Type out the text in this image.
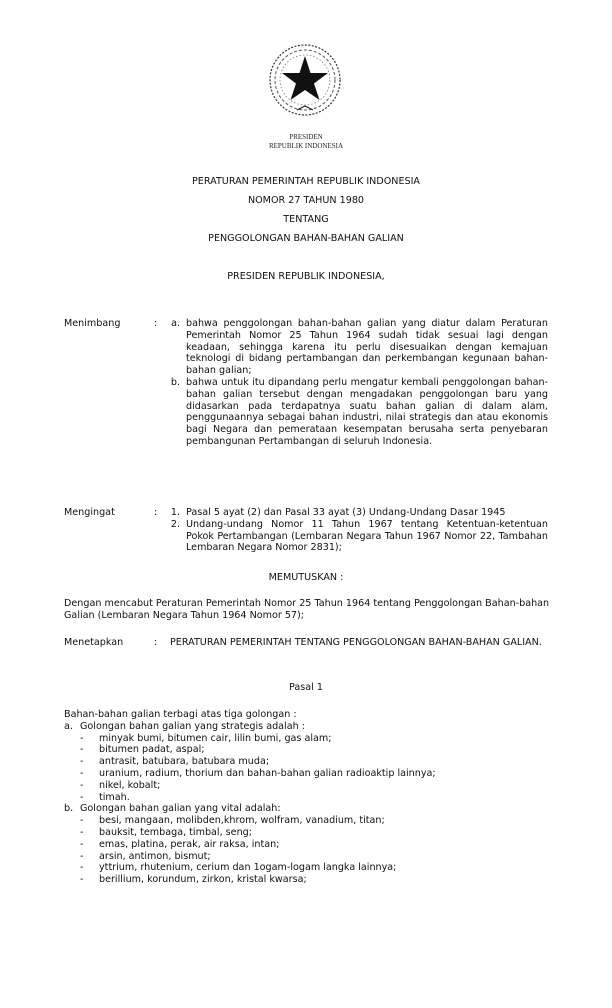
PRESIDEN
REPUBLIK INDONESIA
PERATURAN PEMERINTAH REPUBLIK INDONESIA
NOMOR 27 TAHUN 1980
TENTANG
PENGGOLONGAN BAHAN-BAHAN GALIAN
PRESIDEN REPUBLIK INDONESIA,
Menimbang	:	a. bahwa penggolongan bahan-bahan galian yang diatur dalam Peraturan Pemerintah Nomor 25 Tahun 1964 sudah tidak sesuai lagi dengan keadaan, sehingga karena itu perlu disesuaikan dengan kemajuan teknologi di bidang pertambangan dan perkembangan kegunaan bahan-bahan galian;
b. bahwa untuk itu dipandang perlu mengatur kembali penggolongan bahan-bahan galian tersebut dengan mengadakan penggolongan baru yang didasarkan pada terdapatnya suatu bahan galian di dalam alam, penggunaannya sebagai bahan industri, nilai strategis dan atau ekonomis bagi Negara dan pemerataan kesempatan berusaha serta penyebaran pembangunan Pertambangan di seluruh Indonesia.
Mengingat	:	1. Pasal 5 ayat (2) dan Pasal 33 ayat (3) Undang-Undang Dasar 1945
2. Undang-undang Nomor 11 Tahun 1967 tentang Ketentuan-ketentuan Pokok Pertambangan (Lembaran Negara Tahun 1967 Nomor 22, Tambahan Lembaran Negara Nomor 2831);
MEMUTUSKAN :
Dengan mencabut Peraturan Pemerintah Nomor 25 Tahun 1964 tentang Penggolongan Bahan-bahan Galian (Lembaran Negara Tahun 1964 Nomor 57);
Menetapkan	:	PERATURAN PEMERINTAH TENTANG PENGGOLONGAN BAHAN-BAHAN GALIAN.
Pasal 1
Bahan-bahan galian terbagi atas tiga golongan :
a. Golongan bahan galian yang strategis adalah :
-	minyak bumi, bitumen cair, lilin bumi, gas alam;
-	bitumen padat, aspal;
-	antrasit, batubara, batubara muda;
-	uranium, radium, thorium dan bahan-bahan galian radioaktip lainnya;
-	nikel, kobalt;
-	timah.
b. Golongan bahan galian yang vital adalah:
-	besi, mangaan, molibden,khrom, wolfram, vanadium, titan;
-	bauksit, tembaga, timbal, seng;
-	emas, platina, perak, air raksa, intan;
-	arsin, antimon, bismut;
-	yttrium, rhutenium, cerium dan 1ogam-logam langka lainnya;
-	berillium, korundum, zirkon, kristal kwarsa;
